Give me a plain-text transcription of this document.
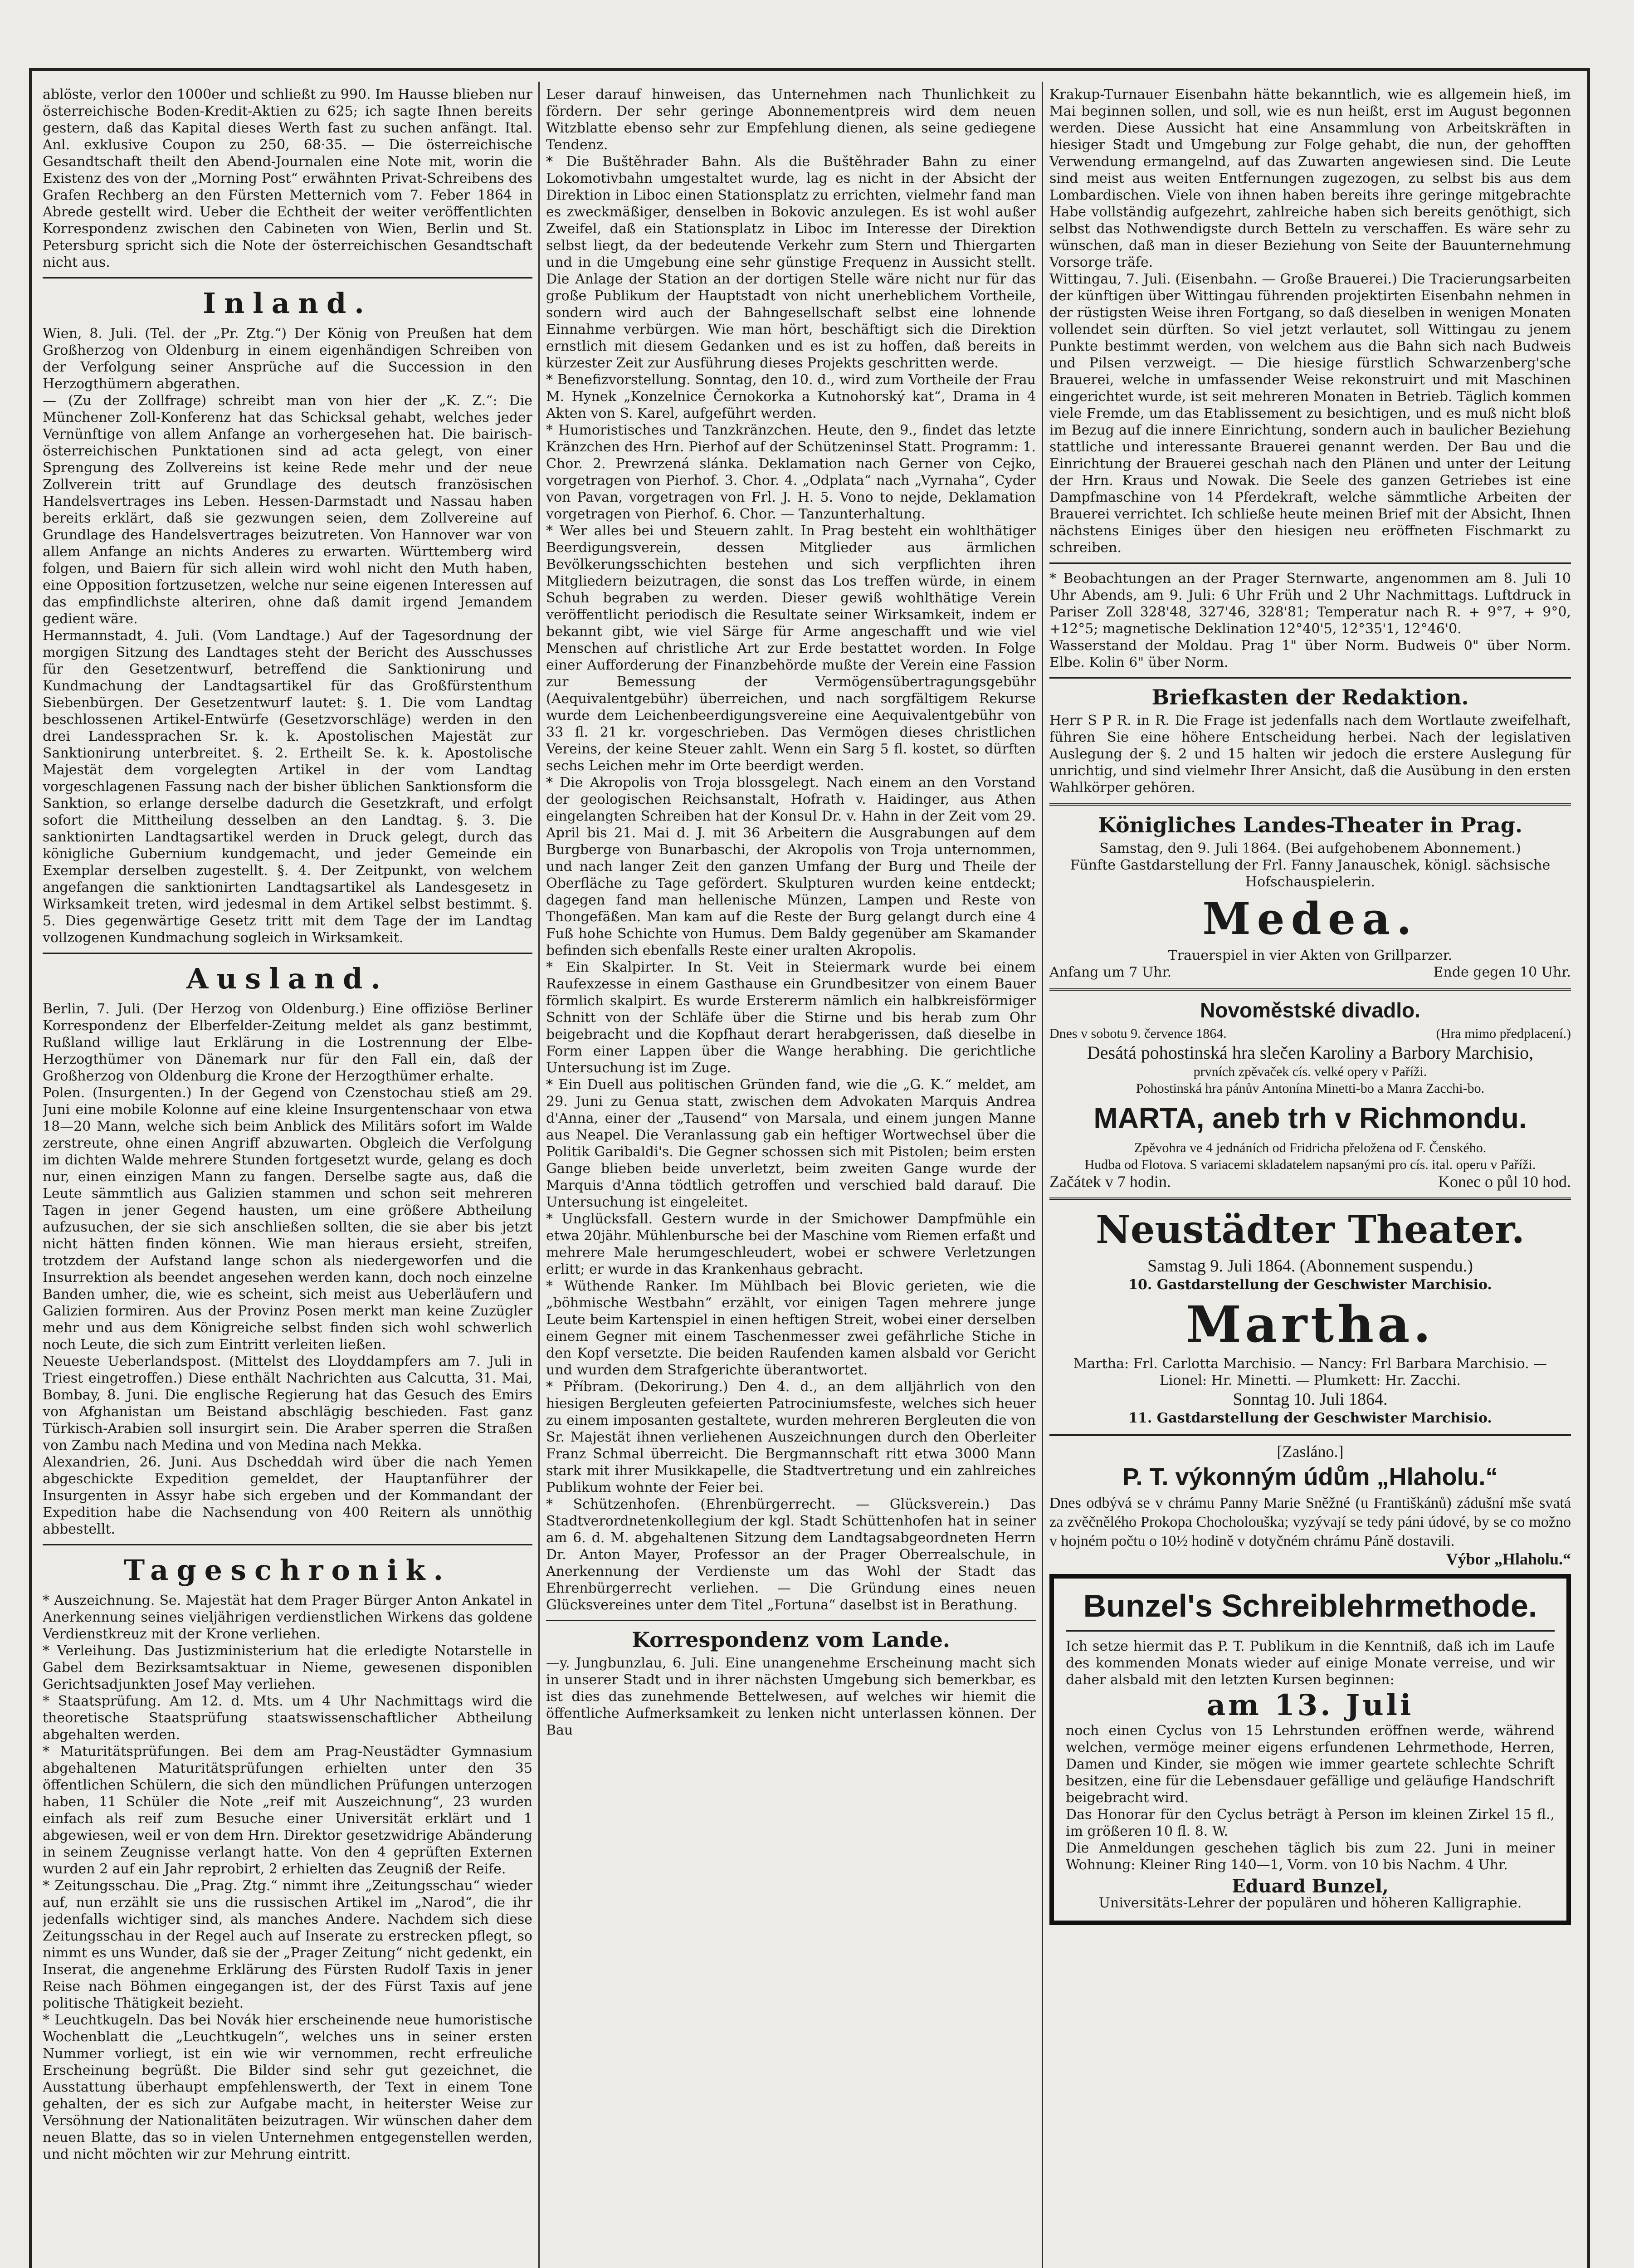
ablöste, verlor den 1000er und schließt zu 990. Im Hausse blieben nur österreichische Boden-Kredit-Aktien zu 625; ich sagte Ihnen bereits gestern, daß das Kapital dieses Werth fast zu suchen anfängt. Ital. Anl. exklusive Coupon zu 250, 68·35. — Die österreichische Gesandtschaft theilt den Abend-Journalen eine Note mit, worin die Existenz des von der „Morning Post“ erwähnten Privat-Schreibens des Grafen Rechberg an den Fürsten Metternich vom 7. Feber 1864 in Abrede gestellt wird. Ueber die Echtheit der weiter veröffentlichten Korrespondenz zwischen den Cabineten von Wien, Berlin und St. Petersburg spricht sich die Note der österreichischen Gesandtschaft nicht aus.

Inland.

Wien, 8. Juli. (Tel. der „Pr. Ztg.“) Der König von Preußen hat dem Großherzog von Oldenburg in einem eigenhändigen Schreiben von der Verfolgung seiner Ansprüche auf die Succession in den Herzogthümern abgerathen.

— (Zu der Zollfrage) schreibt man von hier der „K. Z.“: Die Münchener Zoll-Konferenz hat das Schicksal gehabt, welches jeder Vernünftige von allem Anfange an vorhergesehen hat. Die bairisch-österreichischen Punktationen sind ad acta gelegt, von einer Sprengung des Zollvereins ist keine Rede mehr und der neue Zollverein tritt auf Grundlage des deutsch französischen Handelsvertrages ins Leben. Hessen-Darmstadt und Nassau haben bereits erklärt, daß sie gezwungen seien, dem Zollvereine auf Grundlage des Handelsvertrages beizutreten. Von Hannover war von allem Anfange an nichts Anderes zu erwarten. Württemberg wird folgen, und Baiern für sich allein wird wohl nicht den Muth haben, eine Opposition fortzusetzen, welche nur seine eigenen Interessen auf das empfindlichste alteriren, ohne daß damit irgend Jemandem gedient wäre.

Hermannstadt, 4. Juli. (Vom Landtage.) Auf der Tagesordnung der morgigen Sitzung des Landtages steht der Bericht des Ausschusses für den Gesetzentwurf, betreffend die Sanktionirung und Kundmachung der Landtagsartikel für das Großfürstenthum Siebenbürgen. Der Gesetzentwurf lautet: §. 1. Die vom Landtag beschlossenen Artikel-Entwürfe (Gesetzvorschläge) werden in den drei Landessprachen Sr. k. k. Apostolischen Majestät zur Sanktionirung unterbreitet. §. 2. Ertheilt Se. k. k. Apostolische Majestät dem vorgelegten Artikel in der vom Landtag vorgeschlagenen Fassung nach der bisher üblichen Sanktionsform die Sanktion, so erlange derselbe dadurch die Gesetzkraft, und erfolgt sofort die Mittheilung desselben an den Landtag. §. 3. Die sanktionirten Landtagsartikel werden in Druck gelegt, durch das königliche Gubernium kundgemacht, und jeder Gemeinde ein Exemplar derselben zugestellt. §. 4. Der Zeitpunkt, von welchem angefangen die sanktionirten Landtagsartikel als Landesgesetz in Wirksamkeit treten, wird jedesmal in dem Artikel selbst bestimmt. §. 5. Dies gegenwärtige Gesetz tritt mit dem Tage der im Landtag vollzogenen Kundmachung sogleich in Wirksamkeit.

Ausland.

Berlin, 7. Juli. (Der Herzog von Oldenburg.) Eine offiziöse Berliner Korrespondenz der Elberfelder-Zeitung meldet als ganz bestimmt, Rußland willige laut Erklärung in die Lostrennung der Elbe-Herzogthümer von Dänemark nur für den Fall ein, daß der Großherzog von Oldenburg die Krone der Herzogthümer erhalte.

Polen. (Insurgenten.) In der Gegend von Czenstochau stieß am 29. Juni eine mobile Kolonne auf eine kleine Insurgentenschaar von etwa 18—20 Mann, welche sich beim Anblick des Militärs sofort im Walde zerstreute, ohne einen Angriff abzuwarten. Obgleich die Verfolgung im dichten Walde mehrere Stunden fortgesetzt wurde, gelang es doch nur, einen einzigen Mann zu fangen. Derselbe sagte aus, daß die Leute sämmtlich aus Galizien stammen und schon seit mehreren Tagen in jener Gegend hausten, um eine größere Abtheilung aufzusuchen, der sie sich anschließen sollten, die sie aber bis jetzt nicht hätten finden können. Wie man hieraus ersieht, streifen, trotzdem der Aufstand lange schon als niedergeworfen und die Insurrektion als beendet angesehen werden kann, doch noch einzelne Banden umher, die, wie es scheint, sich meist aus Ueberläufern und Galizien formiren. Aus der Provinz Posen merkt man keine Zuzügler mehr und aus dem Königreiche selbst finden sich wohl schwerlich noch Leute, die sich zum Eintritt verleiten ließen.

Neueste Ueberlandspost. (Mittelst des Lloyddampfers am 7. Juli in Triest eingetroffen.) Diese enthält Nachrichten aus Calcutta, 31. Mai, Bombay, 8. Juni. Die englische Regierung hat das Gesuch des Emirs von Afghanistan um Beistand abschlägig beschieden. Fast ganz Türkisch-Arabien soll insurgirt sein. Die Araber sperren die Straßen von Zambu nach Medina und von Medina nach Mekka.

Alexandrien, 26. Juni. Aus Dscheddah wird über die nach Yemen abgeschickte Expedition gemeldet, der Hauptanführer der Insurgenten in Assyr habe sich ergeben und der Kommandant der Expedition habe die Nachsendung von 400 Reitern als unnöthig abbestellt.

Tageschronik.

* Auszeichnung. Se. Majestät hat dem Prager Bürger Anton Ankatel in Anerkennung seines vieljährigen verdienstlichen Wirkens das goldene Verdienstkreuz mit der Krone verliehen.

* Verleihung. Das Justizministerium hat die erledigte Notarstelle in Gabel dem Bezirksamtsaktuar in Nieme, gewesenen disponiblen Gerichtsadjunkten Josef May verliehen.

* Staatsprüfung. Am 12. d. Mts. um 4 Uhr Nachmittags wird die theoretische Staatsprüfung staatswissenschaftlicher Abtheilung abgehalten werden.

* Maturitätsprüfungen. Bei dem am Prag-Neustädter Gymnasium abgehaltenen Maturitätsprüfungen erhielten unter den 35 öffentlichen Schülern, die sich den mündlichen Prüfungen unterzogen haben, 11 Schüler die Note „reif mit Auszeichnung“, 23 wurden einfach als reif zum Besuche einer Universität erklärt und 1 abgewiesen, weil er von dem Hrn. Direktor gesetzwidrige Abänderung in seinem Zeugnisse verlangt hatte. Von den 4 geprüften Externen wurden 2 auf ein Jahr reprobirt, 2 erhielten das Zeugniß der Reife.

* Zeitungsschau. Die „Prag. Ztg.“ nimmt ihre „Zeitungsschau“ wieder auf, nun erzählt sie uns die russischen Artikel im „Narod“, die ihr jedenfalls wichtiger sind, als manches Andere. Nachdem sich diese Zeitungsschau in der Regel auch auf Inserate zu erstrecken pflegt, so nimmt es uns Wunder, daß sie der „Prager Zeitung“ nicht gedenkt, ein Inserat, die angenehme Erklärung des Fürsten Rudolf Taxis in jener Reise nach Böhmen eingegangen ist, der des Fürst Taxis auf jene politische Thätigkeit bezieht.

* Leuchtkugeln. Das bei Novák hier erscheinende neue humoristische Wochenblatt die „Leuchtkugeln“, welches uns in seiner ersten Nummer vorliegt, ist ein wie wir vernommen, recht erfreuliche Erscheinung begrüßt. Die Bilder sind sehr gut gezeichnet, die Ausstattung überhaupt empfehlenswerth, der Text in einem Tone gehalten, der es sich zur Aufgabe macht, in heiterster Weise zur Versöhnung der Nationalitäten beizutragen. Wir wünschen daher dem neuen Blatte, das so in vielen Unternehmen entgegenstellen werden, und nicht möchten wir zur Mehrung eintritt.

Leser darauf hinweisen, das Unternehmen nach Thunlichkeit zu fördern. Der sehr geringe Abonnementpreis wird dem neuen Witzblatte ebenso sehr zur Empfehlung dienen, als seine gediegene Tendenz.

* Die Buštěhrader Bahn. Als die Buštěhrader Bahn zu einer Lokomotivbahn umgestaltet wurde, lag es nicht in der Absicht der Direktion in Liboc einen Stationsplatz zu errichten, vielmehr fand man es zweckmäßiger, denselben in Bokovic anzulegen. Es ist wohl außer Zweifel, daß ein Stationsplatz in Liboc im Interesse der Direktion selbst liegt, da der bedeutende Verkehr zum Stern und Thiergarten und in die Umgebung eine sehr günstige Frequenz in Aussicht stellt. Die Anlage der Station an der dortigen Stelle wäre nicht nur für das große Publikum der Hauptstadt von nicht unerheblichem Vortheile, sondern wird auch der Bahngesellschaft selbst eine lohnende Einnahme verbürgen. Wie man hört, beschäftigt sich die Direktion ernstlich mit diesem Gedanken und es ist zu hoffen, daß bereits in kürzester Zeit zur Ausführung dieses Projekts geschritten werde.

* Benefizvorstellung. Sonntag, den 10. d., wird zum Vortheile der Frau M. Hynek „Konzelnice Černokorka a Kutnohorský kat“, Drama in 4 Akten von S. Karel, aufgeführt werden.

* Humoristisches und Tanzkränzchen. Heute, den 9., findet das letzte Kränzchen des Hrn. Pierhof auf der Schützeninsel Statt. Programm: 1. Chor. 2. Prewrzená slánka. Deklamation nach Gerner von Cejko, vorgetragen von Pierhof. 3. Chor. 4. „Odplata“ nach „Vyrnaha“, Cyder von Pavan, vorgetragen von Frl. J. H. 5. Vono to nejde, Deklamation vorgetragen von Pierhof. 6. Chor. — Tanzunterhaltung.

* Wer alles bei und Steuern zahlt. In Prag besteht ein wohlthätiger Beerdigungsverein, dessen Mitglieder aus ärmlichen Bevölkerungsschichten bestehen und sich verpflichten ihren Mitgliedern beizutragen, die sonst das Los treffen würde, in einem Schuh begraben zu werden. Dieser gewiß wohlthätige Verein veröffentlicht periodisch die Resultate seiner Wirksamkeit, indem er bekannt gibt, wie viel Särge für Arme angeschafft und wie viel Menschen auf christliche Art zur Erde bestattet worden. In Folge einer Aufforderung der Finanzbehörde mußte der Verein eine Fassion zur Bemessung der Vermögensübertragungsgebühr (Aequivalentgebühr) überreichen, und nach sorgfältigem Rekurse wurde dem Leichenbeerdigungsvereine eine Aequivalentgebühr von 33 fl. 21 kr. vorgeschrieben. Das Vermögen dieses christlichen Vereins, der keine Steuer zahlt. Wenn ein Sarg 5 fl. kostet, so dürften sechs Leichen mehr im Orte beerdigt werden.

* Die Akropolis von Troja blossgelegt. Nach einem an den Vorstand der geologischen Reichsanstalt, Hofrath v. Haidinger, aus Athen eingelangten Schreiben hat der Konsul Dr. v. Hahn in der Zeit vom 29. April bis 21. Mai d. J. mit 36 Arbeitern die Ausgrabungen auf dem Burgberge von Bunarbaschi, der Akropolis von Troja unternommen, und nach langer Zeit den ganzen Umfang der Burg und Theile der Oberfläche zu Tage gefördert. Skulpturen wurden keine entdeckt; dagegen fand man hellenische Münzen, Lampen und Reste von Thongefäßen. Man kam auf die Reste der Burg gelangt durch eine 4 Fuß hohe Schichte von Humus. Dem Baldy gegenüber am Skamander befinden sich ebenfalls Reste einer uralten Akropolis.

* Ein Skalpirter. In St. Veit in Steiermark wurde bei einem Raufexzesse in einem Gasthause ein Grundbesitzer von einem Bauer förmlich skalpirt. Es wurde Erstererm nämlich ein halbkreisförmiger Schnitt von der Schläfe über die Stirne und bis herab zum Ohr beigebracht und die Kopfhaut derart herabgerissen, daß dieselbe in Form einer Lappen über die Wange herabhing. Die gerichtliche Untersuchung ist im Zuge.

* Ein Duell aus politischen Gründen fand, wie die „G. K.“ meldet, am 29. Juni zu Genua statt, zwischen dem Advokaten Marquis Andrea d'Anna, einer der „Tausend“ von Marsala, und einem jungen Manne aus Neapel. Die Veranlassung gab ein heftiger Wortwechsel über die Politik Garibaldi's. Die Gegner schossen sich mit Pistolen; beim ersten Gange blieben beide unverletzt, beim zweiten Gange wurde der Marquis d'Anna tödtlich getroffen und verschied bald darauf. Die Untersuchung ist eingeleitet.

* Unglücksfall. Gestern wurde in der Smichower Dampfmühle ein etwa 20jähr. Mühlenbursche bei der Maschine vom Riemen erfaßt und mehrere Male herumgeschleudert, wobei er schwere Verletzungen erlitt; er wurde in das Krankenhaus gebracht.

* Wüthende Ranker. Im Mühlbach bei Blovic gerieten, wie die „böhmische Westbahn“ erzählt, vor einigen Tagen mehrere junge Leute beim Kartenspiel in einen heftigen Streit, wobei einer derselben einem Gegner mit einem Taschenmesser zwei gefährliche Stiche in den Kopf versetzte. Die beiden Raufenden kamen alsbald vor Gericht und wurden dem Strafgerichte überantwortet.

* Příbram. (Dekorirung.) Den 4. d., an dem alljährlich von den hiesigen Bergleuten gefeierten Patrociniumsfeste, welches sich heuer zu einem imposanten gestaltete, wurden mehreren Bergleuten die von Sr. Majestät ihnen verliehenen Auszeichnungen durch den Oberleiter Franz Schmal überreicht. Die Bergmannschaft ritt etwa 3000 Mann stark mit ihrer Musikkapelle, die Stadtvertretung und ein zahlreiches Publikum wohnte der Feier bei.

* Schützenhofen. (Ehrenbürgerrecht. — Glücksverein.) Das Stadtverordnetenkollegium der kgl. Stadt Schüttenhofen hat in seiner am 6. d. M. abgehaltenen Sitzung dem Landtagsabgeordneten Herrn Dr. Anton Mayer, Professor an der Prager Oberrealschule, in Anerkennung der Verdienste um das Wohl der Stadt das Ehrenbürgerrecht verliehen. — Die Gründung eines neuen Glücksvereines unter dem Titel „Fortuna“ daselbst ist in Berathung.

Korrespondenz vom Lande.

—y. Jungbunzlau, 6. Juli. Eine unangenehme Erscheinung macht sich in unserer Stadt und in ihrer nächsten Umgebung sich bemerkbar, es ist dies das zunehmende Bettelwesen, auf welches wir hiemit die öffentliche Aufmerksamkeit zu lenken nicht unterlassen können. Der Bau

Krakup-Turnauer Eisenbahn hätte bekanntlich, wie es allgemein hieß, im Mai beginnen sollen, und soll, wie es nun heißt, erst im August begonnen werden. Diese Aussicht hat eine Ansammlung von Arbeitskräften in hiesiger Stadt und Umgebung zur Folge gehabt, die nun, der gehofften Verwendung ermangelnd, auf das Zuwarten angewiesen sind. Die Leute sind meist aus weiten Entfernungen zugezogen, zu selbst bis aus dem Lombardischen. Viele von ihnen haben bereits ihre geringe mitgebrachte Habe vollständig aufgezehrt, zahlreiche haben sich bereits genöthigt, sich selbst das Nothwendigste durch Betteln zu verschaffen. Es wäre sehr zu wünschen, daß man in dieser Beziehung von Seite der Bauunternehmung Vorsorge träfe.

Wittingau, 7. Juli. (Eisenbahn. — Große Brauerei.) Die Tracierungsarbeiten der künftigen über Wittingau führenden projektirten Eisenbahn nehmen in der rüstigsten Weise ihren Fortgang, so daß dieselben in wenigen Monaten vollendet sein dürften. So viel jetzt verlautet, soll Wittingau zu jenem Punkte bestimmt werden, von welchem aus die Bahn sich nach Budweis und Pilsen verzweigt. — Die hiesige fürstlich Schwarzenberg'sche Brauerei, welche in umfassender Weise rekonstruirt und mit Maschinen eingerichtet wurde, ist seit mehreren Monaten in Betrieb. Täglich kommen viele Fremde, um das Etablissement zu besichtigen, und es muß nicht bloß im Bezug auf die innere Einrichtung, sondern auch in baulicher Beziehung stattliche und interessante Brauerei genannt werden. Der Bau und die Einrichtung der Brauerei geschah nach den Plänen und unter der Leitung der Hrn. Kraus und Nowak. Die Seele des ganzen Getriebes ist eine Dampfmaschine von 14 Pferdekraft, welche sämmtliche Arbeiten der Brauerei verrichtet. Ich schließe heute meinen Brief mit der Absicht, Ihnen nächstens Einiges über den hiesigen neu eröffneten Fischmarkt zu schreiben.

* Beobachtungen an der Prager Sternwarte, angenommen am 8. Juli 10 Uhr Abends, am 9. Juli: 6 Uhr Früh und 2 Uhr Nachmittags. Luftdruck in Pariser Zoll 328'48, 327'46, 328'81; Temperatur nach R. + 9°7, + 9°0, +12°5; magnetische Deklination 12°40'5, 12°35'1, 12°46'0.

Wasserstand der Moldau. Prag 1" über Norm. Budweis 0" über Norm. Elbe. Kolin 6" über Norm.

Briefkasten der Redaktion.

Herr S P R. in R. Die Frage ist jedenfalls nach dem Wortlaute zweifelhaft, führen Sie eine höhere Entscheidung herbei. Nach der legislativen Auslegung der §. 2 und 15 halten wir jedoch die erstere Auslegung für unrichtig, und sind vielmehr Ihrer Ansicht, daß die Ausübung in den ersten Wahlkörper gehören.

Königliches Landes-Theater in Prag.
Samstag, den 9. Juli 1864. (Bei aufgehobenem Abonnement.)
Fünfte Gastdarstellung der Frl. Fanny Janauschek, königl. sächsische Hofschauspielerin.
Medea.
Trauerspiel in vier Akten von Grillparzer.
Anfang um 7 Uhr.	Ende gegen 10 Uhr.
Novoměstské divadlo.
Dnes v sobotu 9. července 1864.	(Hra mimo předplacení.)
Desátá pohostinská hra slečen Karoliny a Barbory Marchisio,
prvních zpěvaček cís. velké opery v Paříži.
Pohostinská hra pánův Antonína Minetti-bo a Manra Zacchi-bo.
MARTA, aneb trh v Richmondu.
Zpěvohra ve 4 jednáních od Fridricha přeložena od F. Čenského.
Hudba od Flotova. S variacemi skladatelem napsanými pro cís. ital. operu v Paříži.
Začátek v 7 hodin.	Konec o půl 10 hod.
Neustädter Theater.
Samstag 9. Juli 1864. (Abonnement suspendu.)
10. Gastdarstellung der Geschwister Marchisio.
Martha.
Martha: Frl. Carlotta Marchisio. — Nancy: Frl Barbara Marchisio. —
Lionel: Hr. Minetti. — Plumkett: Hr. Zacchi.
Sonntag 10. Juli 1864.
11. Gastdarstellung der Geschwister Marchisio.
[Zasláno.]
P. T. výkonným údům „Hlaholu.“

Dnes odbývá se v chrámu Panny Marie Sněžné (u Františkánů) zádušní mše svatá za zvěčnělého Prokopa Chocholouška; vyzývají se tedy páni údové, by se co možno v hojném počtu o 10½ hodině v dotyčném chrámu Páně dostavili.

Výbor „Hlaholu.“
Bunzel's Schreiblehrmethode.

Ich setze hiermit das P. T. Publikum in die Kenntniß, daß ich im Laufe des kommenden Monats wieder auf einige Monate verreise, und wir daher alsbald mit den letzten Kursen beginnen:

am 13. Juli

noch einen Cyclus von 15 Lehrstunden eröffnen werde, während welchen, vermöge meiner eigens erfundenen Lehrmethode, Herren, Damen und Kinder, sie mögen wie immer geartete schlechte Schrift besitzen, eine für die Lebensdauer gefällige und geläufige Handschrift beigebracht wird.

Das Honorar für den Cyclus beträgt à Person im kleinen Zirkel 15 fl., im größeren 10 fl. 8. W.

Die Anmeldungen geschehen täglich bis zum 22. Juni in meiner Wohnung: Kleiner Ring 140—1, Vorm. von 10 bis Nachm. 4 Uhr.

Eduard Bunzel,
Universitäts-Lehrer der populären und höheren Kalligraphie.
